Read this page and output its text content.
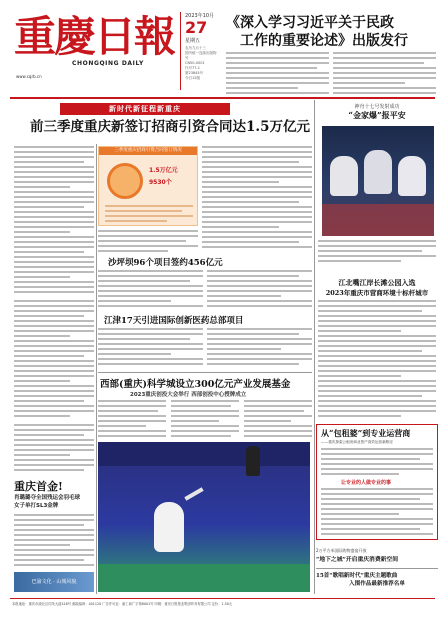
重慶日報
CHONGQING DAILY
www.cqrb.cn
2023年10月
27
星期五
农历九月十三
国内统一连续出版物号
CN50-0001
代号77-1
第23845号
今日12版
《深入学习习近平关于民政
工作的重要论述》出版发行
新时代新征程新重庆
前三季度重庆新签订招商引资合同达1.5万亿元
三季度重庆招商引资合同签订情况
1.5万亿元
9530个
沙坪坝96个项目签约456亿元
江津17天引进国际创新医药总部项目
神舟十七号发射成功
“金家爆”报平安
江北嘴江岸长滩公园入选
2023年重庆市营商环境十标杆城市
西部(重庆)科学城设立300亿元产业发展基金
2023重庆创投大会举行 西部创投中心授牌成立
重庆首金!
肖璐璐夺全国残运会羽毛球
女子单打SL3金牌
巴渝文化 · 山城风貌
从“包租婆”到专业运营商
——重庆探索公租房商业资产高效运营新路径
让专业的人做专业的事
2万平方米国际购物盛宴开放
“地下之城”开启重庆消费新空间
15首“歌唱新时代”重庆主题歌曲
入围作品最新推荐名单
本报地址：重庆市渝北区同茂大道416号 邮政编码：401120 广告许可证：渝工商广字第8001号 印刷：重庆日报报业集团印务有限公司 定价：1.50元
